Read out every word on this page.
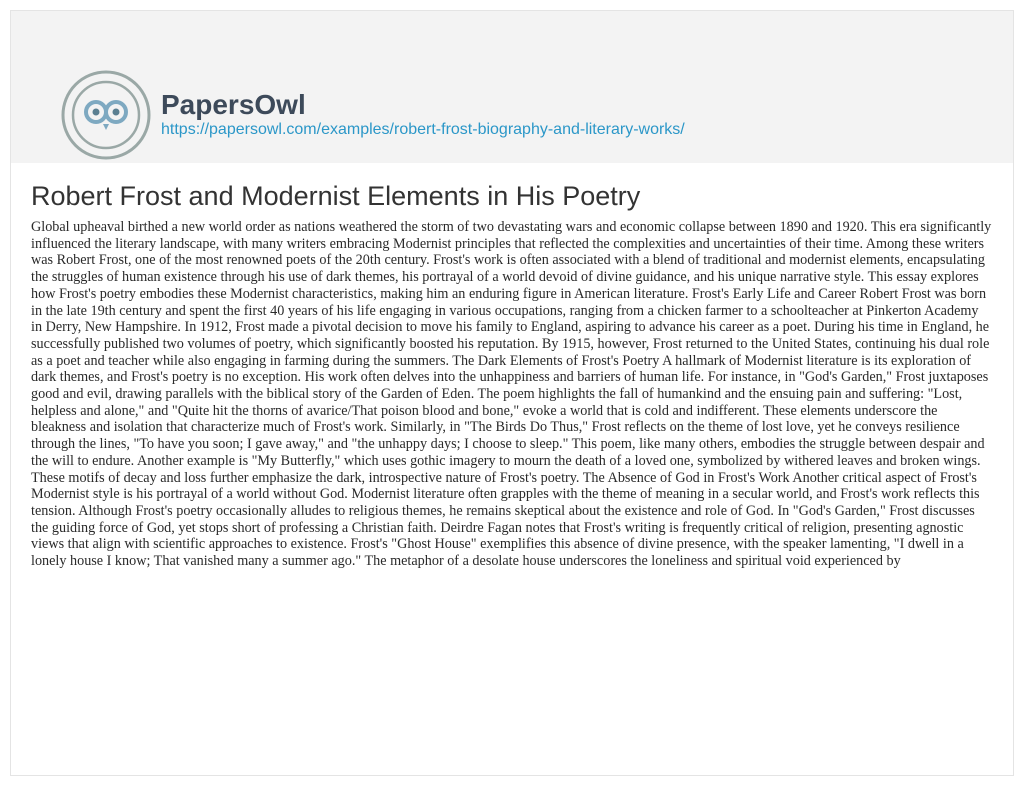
PapersOwl
https://papersowl.com/examples/robert-frost-biography-and-literary-works/
Robert Frost and Modernist Elements in His Poetry

Global upheaval birthed a new world order as nations weathered the storm of two devastating wars and economic collapse between 1890 and 1920. This era significantly influenced the literary landscape, with many writers embracing Modernist principles that reflected the complexities and uncertainties of their time. Among these writers was Robert Frost, one of the most renowned poets of the 20th century. Frost's work is often associated with a blend of traditional and modernist elements, encapsulating the struggles of human existence through his use of dark themes, his portrayal of a world devoid of divine guidance, and his unique narrative style. This essay explores how Frost's poetry embodies these Modernist characteristics, making him an enduring figure in American literature. Frost's Early Life and Career Robert Frost was born in the late 19th century and spent the first 40 years of his life engaging in various occupations, ranging from a chicken farmer to a schoolteacher at Pinkerton Academy in Derry, New Hampshire. In 1912, Frost made a pivotal decision to move his family to England, aspiring to advance his career as a poet. During his time in England, he successfully published two volumes of poetry, which significantly boosted his reputation. By 1915, however, Frost returned to the United States, continuing his dual role as a poet and teacher while also engaging in farming during the summers. The Dark Elements of Frost's Poetry A hallmark of Modernist literature is its exploration of dark themes, and Frost's poetry is no exception. His work often delves into the unhappiness and barriers of human life. For instance, in "God's Garden," Frost juxtaposes good and evil, drawing parallels with the biblical story of the Garden of Eden. The poem highlights the fall of humankind and the ensuing pain and suffering: "Lost, helpless and alone," and "Quite hit the thorns of avarice/That poison blood and bone," evoke a world that is cold and indifferent. These elements underscore the bleakness and isolation that characterize much of Frost's work. Similarly, in "The Birds Do Thus," Frost reflects on the theme of lost love, yet he conveys resilience through the lines, "To have you soon; I gave away," and "the unhappy days; I choose to sleep." This poem, like many others, embodies the struggle between despair and the will to endure. Another example is "My Butterfly," which uses gothic imagery to mourn the death of a loved one, symbolized by withered leaves and broken wings. These motifs of decay and loss further emphasize the dark, introspective nature of Frost's poetry. The Absence of God in Frost's Work Another critical aspect of Frost's Modernist style is his portrayal of a world without God. Modernist literature often grapples with the theme of meaning in a secular world, and Frost's work reflects this tension. Although Frost's poetry occasionally alludes to religious themes, he remains skeptical about the existence and role of God. In "God's Garden," Frost discusses the guiding force of God, yet stops short of professing a Christian faith. Deirdre Fagan notes that Frost's writing is frequently critical of religion, presenting agnostic views that align with scientific approaches to existence. Frost's "Ghost House" exemplifies this absence of divine presence, with the speaker lamenting, "I dwell in a lonely house I know; That vanished many a summer ago." The metaphor of a desolate house underscores the loneliness and spiritual void experienced by
